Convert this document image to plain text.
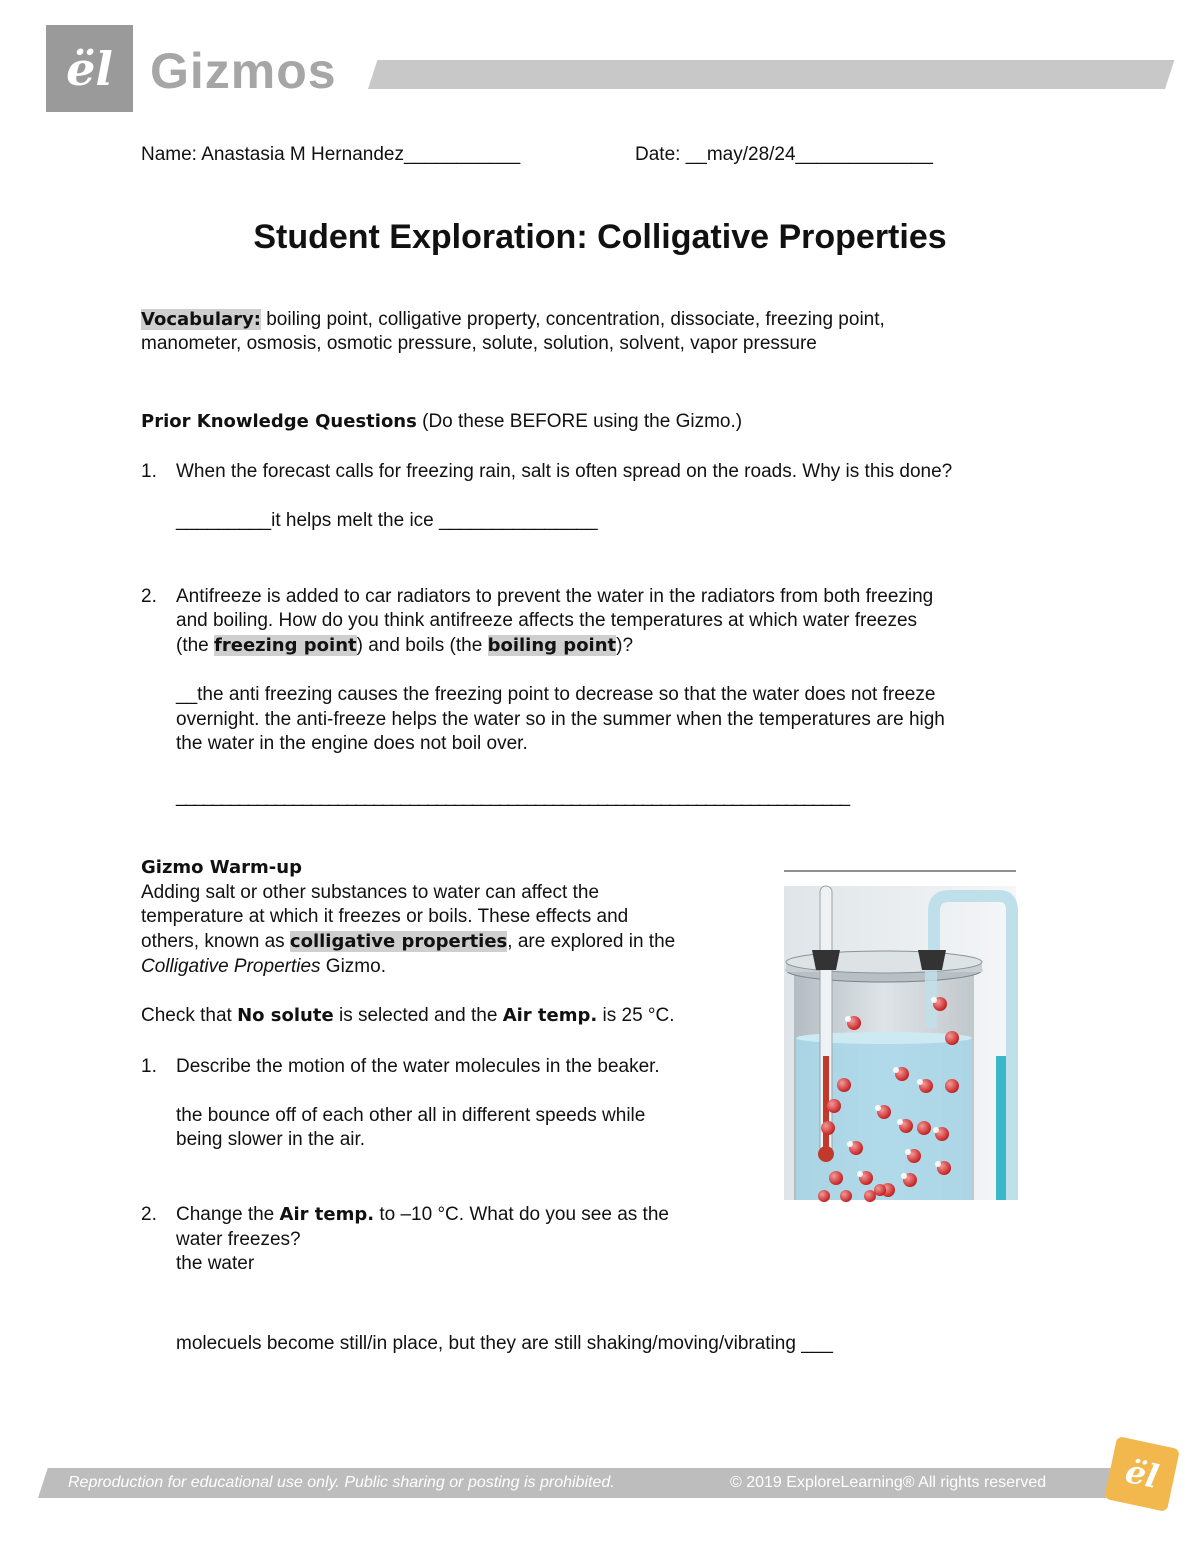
ël Gizmos
Name: Anastasia M Hernandez___________	Date: __may/28/24_____________
Student Exploration: Colligative Properties
Vocabulary: boiling point, colligative property, concentration, dissociate, freezing point,
manometer, osmosis, osmotic pressure, solute, solution, solvent, vapor pressure
Prior Knowledge Questions (Do these BEFORE using the Gizmo.)
1. When the forecast calls for freezing rain, salt is often spread on the roads. Why is this done?
_________it helps melt the ice _______________
2. Antifreeze is added to car radiators to prevent the water in the radiators from both freezing
and boiling. How do you think antifreeze affects the temperatures at which water freezes
(the freezing point) and boils (the boiling point)?
__the anti freezing causes the freezing point to decrease so that the water does not freeze
overnight. the anti-freeze helps the water so in the summer when the temperatures are high
the water in the engine does not boil over.
___________________________________________________________________________
Gizmo Warm-up
Adding salt or other substances to water can affect the
temperature at which it freezes or boils. These effects and
others, known as colligative properties, are explored in the
Colligative Properties Gizmo.
Check that No solute is selected and the Air temp. is 25 °C.
1. Describe the motion of the water molecules in the beaker.
the bounce off of each other all in different speeds while
being slower in the air.
2. Change the Air temp. to –10 °C. What do you see as the
water freezes?
the water
molecuels become still/in place, but they are still shaking/moving/vibrating ___
Reproduction for educational use only. Public sharing or posting is prohibited.	© 2019 ExploreLearning® All rights reserved ël
